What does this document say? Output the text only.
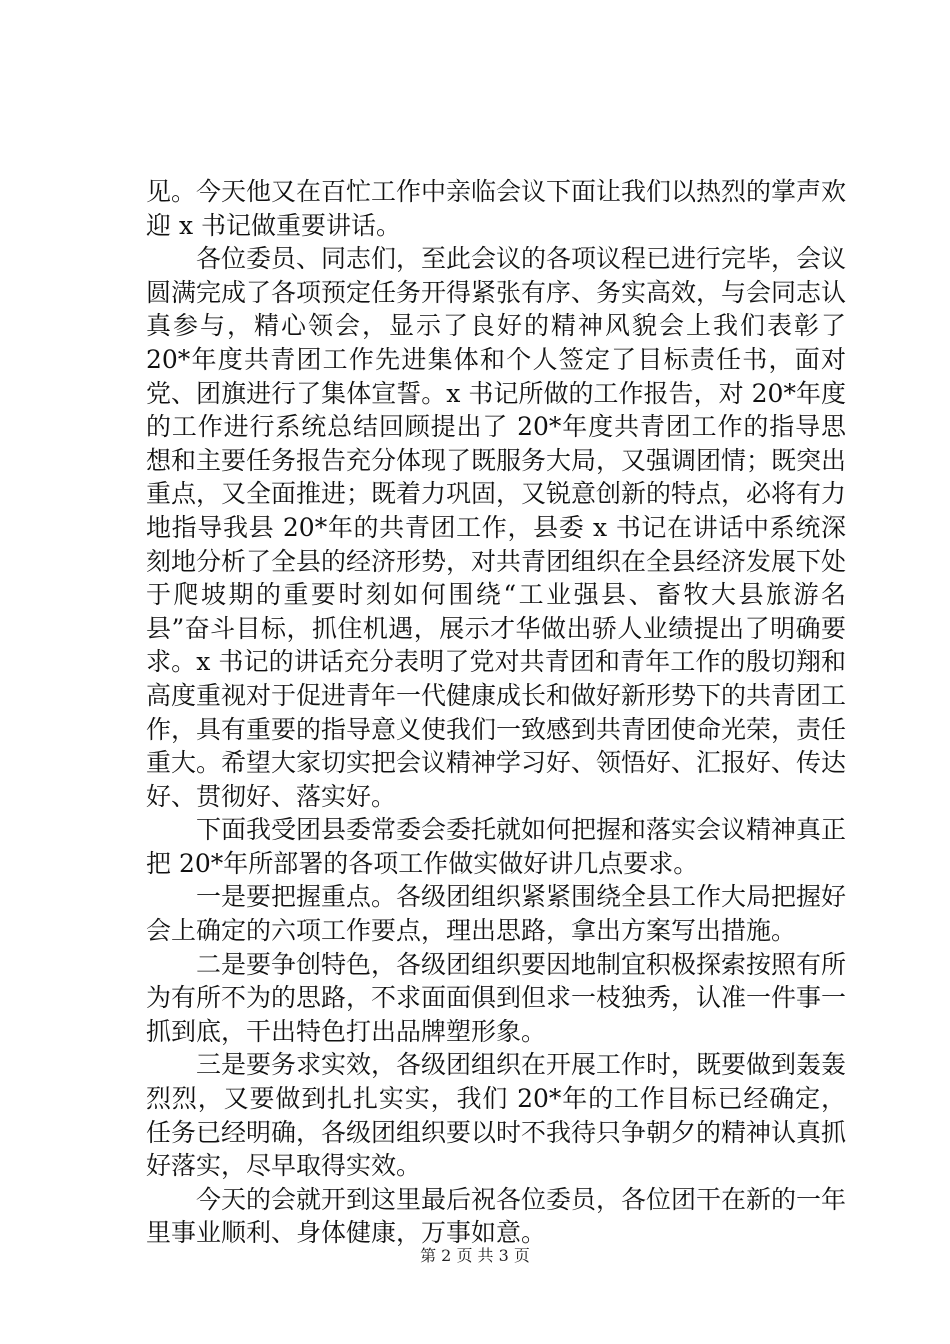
见。今天他又在百忙工作中亲临会议下面让我们以热烈的掌声欢迎 x 书记做重要讲话。

各位委员、同志们，至此会议的各项议程已进行完毕，会议圆满完成了各项预定任务开得紧张有序、务实高效，与会同志认真参与，精心领会，显示了良好的精神风貌会上我们表彰了 20*年度共青团工作先进集体和个人签定了目标责任书，面对党、团旗进行了集体宣誓。x 书记所做的工作报告，对 20*年度的工作进行系统总结回顾提出了 20*年度共青团工作的指导思想和主要任务报告充分体现了既服务大局，又强调团情；既突出重点，又全面推进；既着力巩固，又锐意创新的特点，必将有力地指导我县 20*年的共青团工作，县委 x 书记在讲话中系统深刻地分析了全县的经济形势，对共青团组织在全县经济发展下处于爬坡期的重要时刻如何围绕“工业强县、畜牧大县旅游名县”奋斗目标，抓住机遇，展示才华做出骄人业绩提出了明确要求。x 书记的讲话充分表明了党对共青团和青年工作的殷切翔和高度重视对于促进青年一代健康成长和做好新形势下的共青团工作，具有重要的指导意义使我们一致感到共青团使命光荣，责任重大。希望大家切实把会议精神学习好、领悟好、汇报好、传达好、贯彻好、落实好。

下面我受团县委常委会委托就如何把握和落实会议精神真正把 20*年所部署的各项工作做实做好讲几点要求。

一是要把握重点。各级团组织紧紧围绕全县工作大局把握好会上确定的六项工作要点，理出思路，拿出方案写出措施。

二是要争创特色，各级团组织要因地制宜积极探索按照有所为有所不为的思路，不求面面俱到但求一枝独秀，认准一件事一抓到底，干出特色打出品牌塑形象。

三是要务求实效，各级团组织在开展工作时，既要做到轰轰烈烈，又要做到扎扎实实，我们 20*年的工作目标已经确定，任务已经明确，各级团组织要以时不我待只争朝夕的精神认真抓好落实，尽早取得实效。

今天的会就开到这里最后祝各位委员，各位团干在新的一年里事业顺利、身体健康，万事如意。

第 2 页 共 3 页
